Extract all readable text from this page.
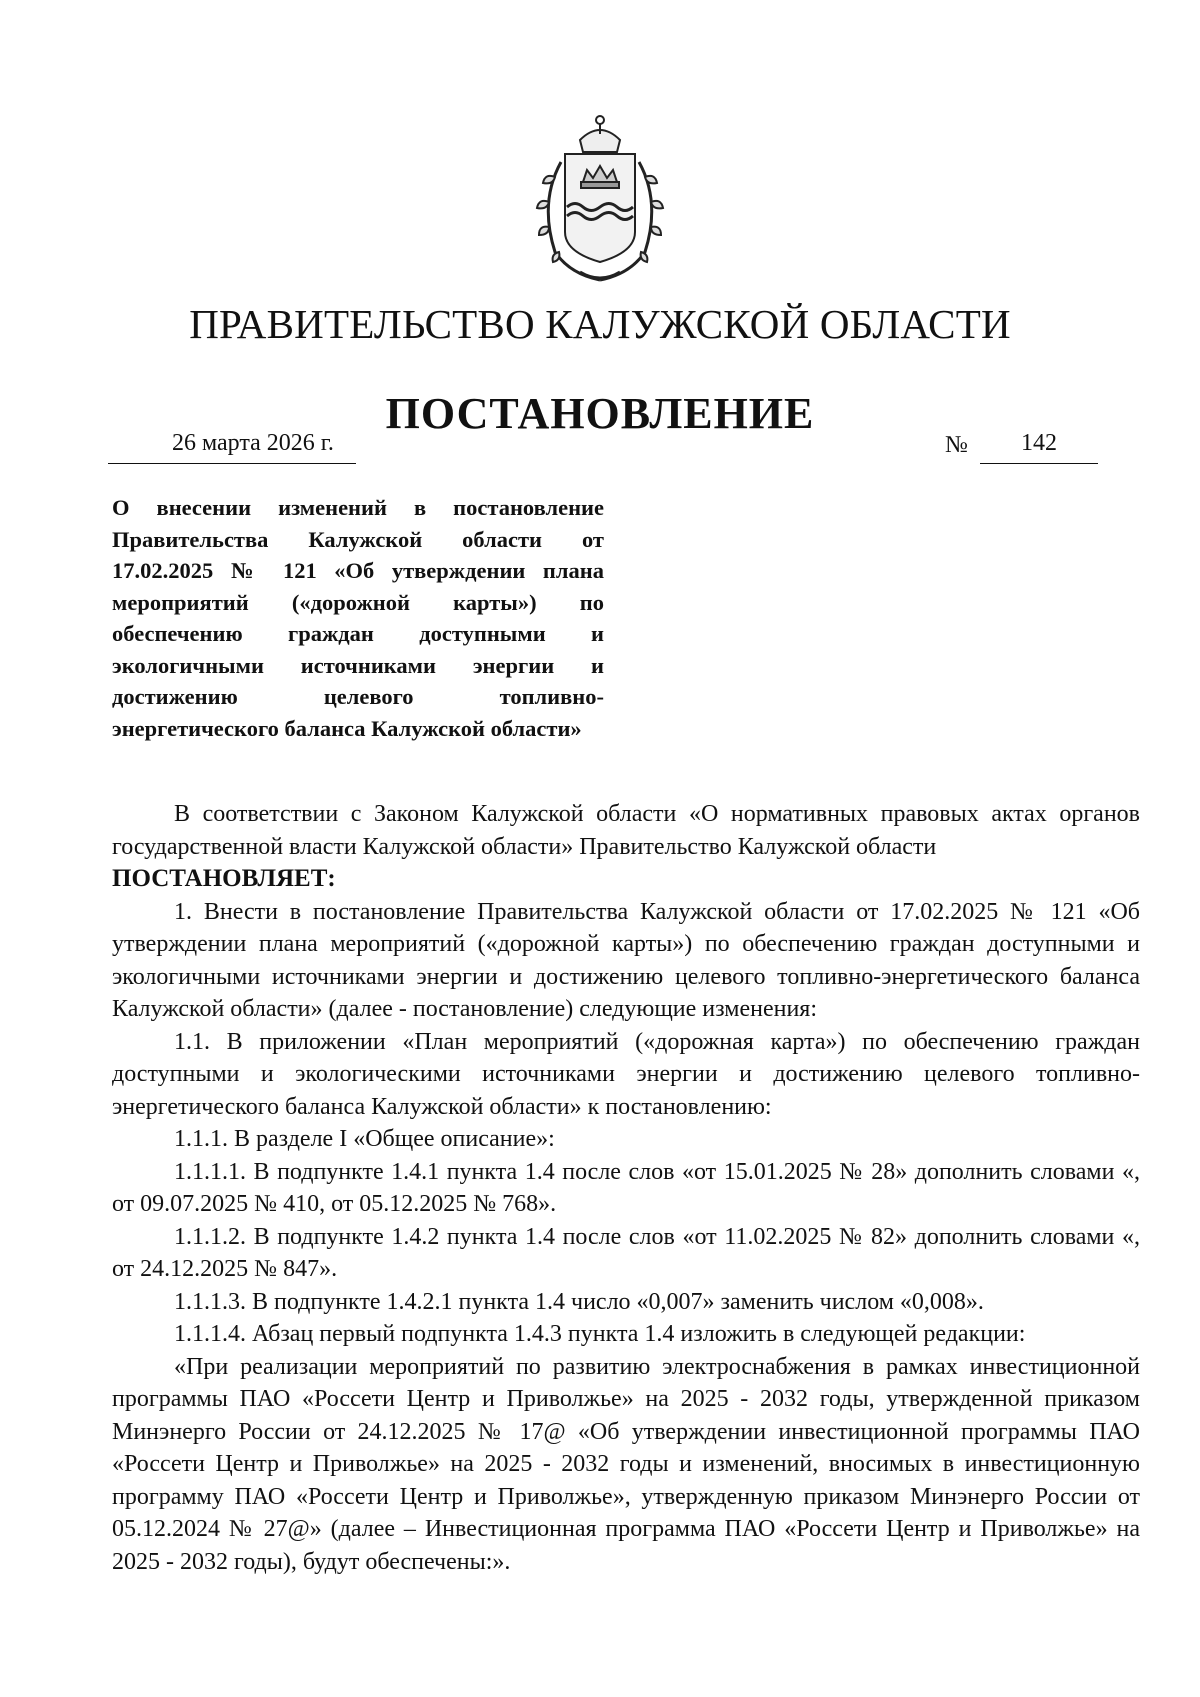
ПРАВИТЕЛЬСТВО КАЛУЖСКОЙ ОБЛАСТИ
ПОСТАНОВЛЕНИЕ
26 марта 2026 г.	№	142
О внесении изменений в постановление Правительства Калужской области от 17.02.2025 № 121 «Об утверждении плана мероприятий («дорожной карты») по обеспечению граждан доступными и экологичными источниками энергии и достижению целевого топливно-энергетического баланса Калужской области»

В соответствии с Законом Калужской области «О нормативных правовых актах органов государственной власти Калужской области» Правительство Калужской области

ПОСТАНОВЛЯЕТ:

1. Внести в постановление Правительства Калужской области от 17.02.2025 № 121 «Об утверждении плана мероприятий («дорожной карты») по обеспечению граждан доступными и экологичными источниками энергии и достижению целевого топливно-энергетического баланса Калужской области» (далее - постановление) следующие изменения:

1.1. В приложении «План мероприятий («дорожная карта») по обеспечению граждан доступными и экологическими источниками энергии и достижению целевого топливно-энергетического баланса Калужской области» к постановлению:

1.1.1. В разделе I «Общее описание»:

1.1.1.1. В подпункте 1.4.1 пункта 1.4 после слов «от 15.01.2025 № 28» дополнить словами «, от 09.07.2025 № 410, от 05.12.2025 № 768».

1.1.1.2. В подпункте 1.4.2 пункта 1.4 после слов «от 11.02.2025 № 82» дополнить словами «, от 24.12.2025 № 847».

1.1.1.3. В подпункте 1.4.2.1 пункта 1.4 число «0,007» заменить числом «0,008».

1.1.1.4. Абзац первый подпункта 1.4.3 пункта 1.4 изложить в следующей редакции:

«При реализации мероприятий по развитию электроснабжения в рамках инвестиционной программы ПАО «Россети Центр и Приволжье» на 2025 - 2032 годы, утвержденной приказом Минэнерго России от 24.12.2025 № 17@ «Об утверждении инвестиционной программы ПАО «Россети Центр и Приволжье» на 2025 - 2032 годы и изменений, вносимых в инвестиционную программу ПАО «Россети Центр и Приволжье», утвержденную приказом Минэнерго России от 05.12.2024 № 27@» (далее – Инвестиционная программа ПАО «Россети Центр и Приволжье» на 2025 - 2032 годы), будут обеспечены:».
